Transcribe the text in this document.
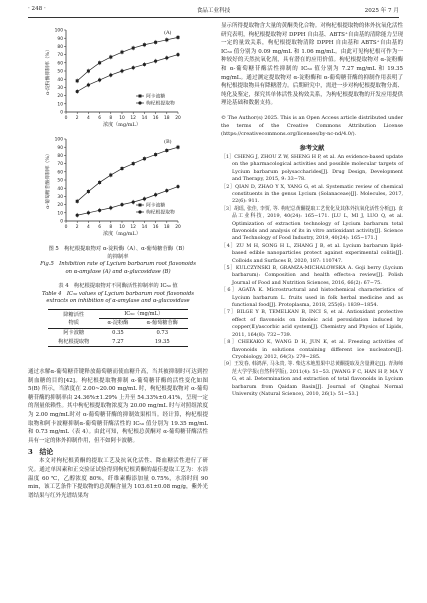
· 248 ·	食品工业科技	2025 年 7 月
0
10
20
30
40
50
60
70
80
90
100
0 2 4 6 8 10 12 14 16 18 20
(A)
α-淀粉酶抑制率（%）
浓度（mg/mL）
阿卡波糖
枸杞根提取物
0
10
20
30
40
50
60
70
80
90
100
0 2 4 6 8 10 12 14 16 18 20
(B)
α-葡萄糖苷酶抑制率（%）
浓度（mg/mL）
阿卡波糖
枸杞根提取物

图 5　枸杞根提取物对 α-淀粉酶（A）、α-葡萄糖苷酶（B）

的抑制率

Fig.5　Inhibition rate of Lycium barbarum root flavonoids

on α-amylase (A) and α-glucosidase (B)

表 4　枸杞根提取物对不同酶活性抑制率的 IC₅₀ 值

Table 4　IC₅₀ values of Lycium barbarum root flavonoids

extracts on inhibition of α-amylase and α-glucosidase

降糖活性
物质	IC₅₀（mg/mL）	
	α-淀粉酶	α-葡萄糖苷酶
阿卡波糖	0.35	0.73
枸杞根提取物	7.27	19.35

通过水解α-葡萄糖苷键释放葡萄糖而使血糖升高，当其被抑制时可达到控制血糖的目的[42]。枸杞根提取物抑制 α-葡萄糖苷酶的活性变化如图 5(B) 所示，当浓度在 2.00~20.00 mg/mL 时，枸杞根提取物对 α-葡萄糖苷酶的抑制率由 24.36%±1.29% 上升至 54.33%±0.41%，呈现一定的剂量依赖性。其中枸杞根提取物浓度为 20.00 mg/mL 时与对照组浓度为 2.00 mg/mL时对 α-葡萄糖苷酶的抑制效果相当。经计算，枸杞根提取物和阿卡波糖抑制α-葡萄糖苷酶活性的 IC₅₀ 值分别为 19.35 mg/mL 和 0.73 mg/mL（表 4）。由此可知，枸杞根总黄酮对 α-葡萄糖苷酶活性具有一定的体外抑制作用，但不如阿卡波糖。

3　结论

本文对枸杞根黄酮的提取工艺及抗氧化活性、降血糖活性进行了研究。通过单因素和正交验证试验得到枸杞根黄酮的最佳提取工艺为：水浴温度 60 ℃，乙醇浓度 80%，纤维素酶添加量 0.75%，水浴时间 90 min，该工艺条件下提取物的总黄酮含量为 103.61±0.08 mg/g，紫外光谱结果与红外光谱结果均

显示所得提取物含大量的黄酮类化合物。对枸杞根提取物的体外抗氧化活性研究表明，枸杞根提取物对 DPPH 自由基、ABTS⁺自由基的清除能力呈现一定的量效关系，枸杞根提取物清除 DPPH 自由基和 ABTS⁺自由基的 IC₅₀ 值分别为 0.09 mg/mL 和 1.06 mg/mL。由此可见枸杞根可作为一种较好的天然抗氧化剂，具有潜在的应用价值。枸杞根提取物对 α-淀粉酶和 α-葡萄糖苷酶活性抑制的 IC₅₀ 值分别为 7.27 mg/mL 和 19.35 mg/mL。通过测定提取物对 α-淀粉酶和 α-葡萄糖苷酶的抑制作用表明了枸杞根提取物具有降糖潜力。后期研究中，需进一步对枸杞根提取物分离、纯化及鉴定，探究其单体活性及构效关系，为枸杞根提取物的开发应用提供理论基础和数据支持。

© The Author(s) 2025. This is an Open Access article distributed under the terms of the Creative Commons Attribution License (https://creativecommons.org/licenses/by-nc-nd/4.0/).

参考文献

［1］CHENG J, ZHOU Z W, SHENG H P, et al. An evidence-based update on the pharmacological activities and possible molecular targets of Lycium barbarum polysaccharides[J]. Drug Design, Development and Therapy, 2015, 9: 33−78.

［2］QIAN D, ZHAO Y X, YANG G, et al. Systematic review of chemical constituents in the genus Lycium (Solanaceae)[J]. Molecules, 2017, 22(6): 911.

［3］胡瑶, 张佳, 李贾, 等. 枸杞总黄酮提取工艺优化及其体外抗氧化活性分析[J]. 食品工业科技, 2019, 40(24): 165−171. [LU L, MI J, LUO Q, et al. Optimization of extraction technology of Lycium barbarum total flavonoids and analysis of its in vitro antioxidant activity[J]. Science and Technology of Food Industry, 2019, 40(24): 165−171.]

［4］ZU M H, SONG H L, ZHANG J B, et al. Lycium barbarum lipid-based edible nanoparticles protect against experimental colitis[J]. Colloids and Surfaces B, 2020, 187: 110747.

［5］KULCZYNSKI B, GRAMZA-MICHALOWSKA A. Goji berry (Lycium barbarum): Composition and health effects-a review[J]. Polish Journal of Food and Nutrition Sciences, 2016, 66(2): 67−75.

［6］AGATA K. Microstructural and histochemical characteristics of Lycium barbarum L. fruits used in folk herbal medicine and as functional food[J]. Protoplasma, 2018, 255(6): 1839−1854.

［7］BILGE Y B, TEMELKAN B, INCI S, et al. Antioxidant protective effect of flavonoids on linoleic acid peroxidation induced by copper(Ⅱ)/ascorbic acid system[J]. Chemistry and Physics of Lipids, 2011, 164(8): 732−739.

［8］CHEKAKO K, WANG D H, JUN K, et al. Freezing activities of flavonoids in solutions containing different ice nucleators[J]. Cryobiology, 2012, 64(3): 279−285.

［9］王发春, 韩鸿萍, 马永贵, 等. 柴达木地黑果中总黄酮提取及含量测定[J]. 青海师范大学学报(自然科学版), 2011(4): 51−53. [WANG F C, HAN H P, MA Y G, et al. Determination and extraction of total flavonoids in Lycium barbarum from Qaidam Basin[J]. Journal of Qinghai Normal University (Natural Science), 2010, 26(1): 51−53.]
